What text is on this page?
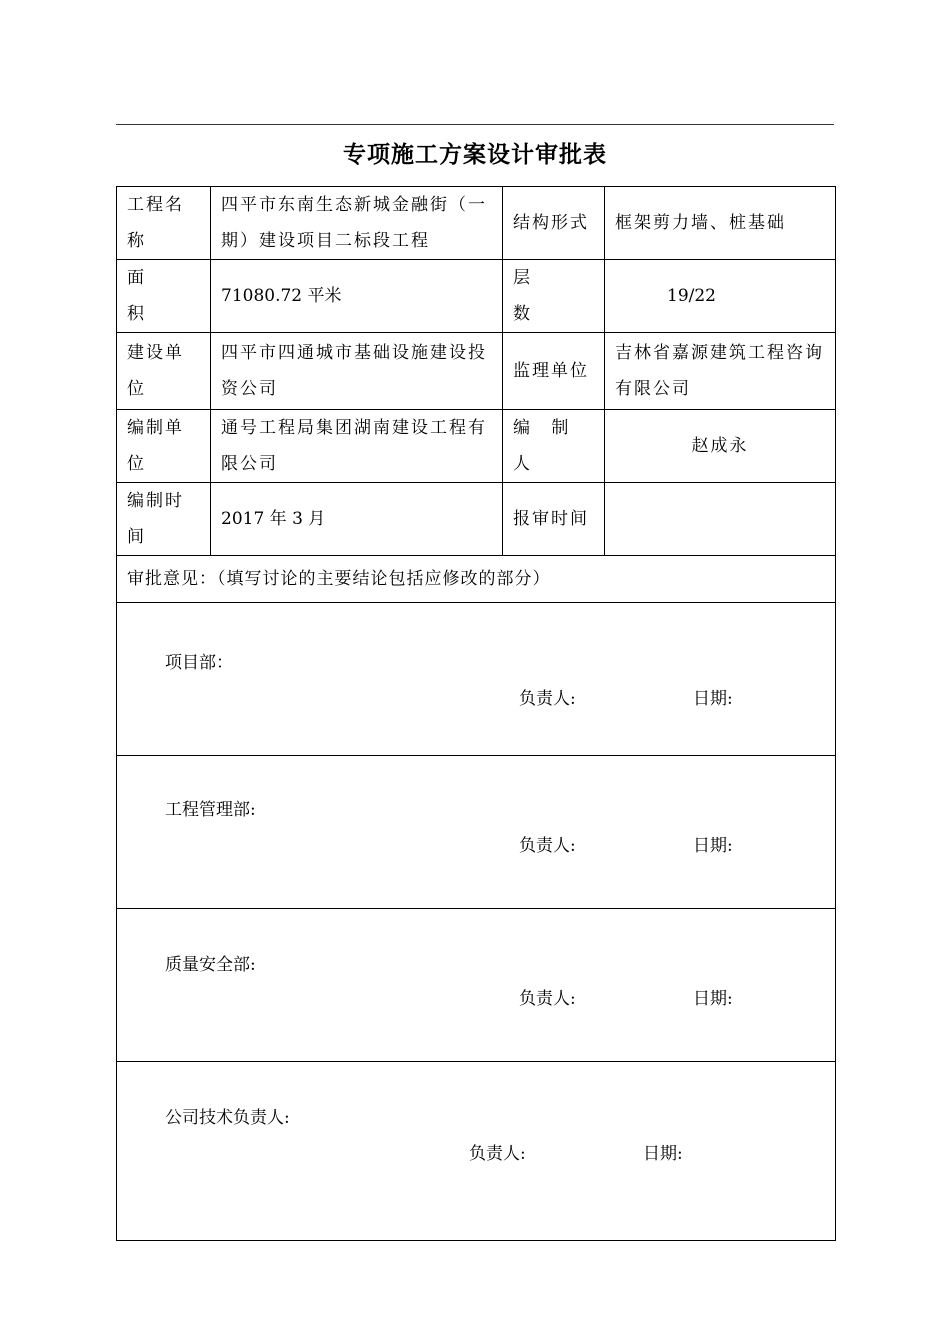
专项施工方案设计审批表
工程名称	四平市东南生态新城金融街（一期）建设项目二标段工程	结构形式	框架剪力墙、桩基础
面 积	71080.72 平米	层 数	19/22
建设单位	四平市四通城市基础设施建设投资公司	监理单位	吉林省嘉源建筑工程咨询有限公司
编制单位	通号工程局集团湖南建设工程有限公司	编 制 人	赵成永
编制时间	2017 年 3 月	报审时间	
审批意见：（填写讨论的主要结论包括应修改的部分）			

项目部：
负责人: 日期:			

工程管理部:
负责人: 日期:			

质量安全部:
负责人: 日期:			

公司技术负责人:
负责人: 日期:			
